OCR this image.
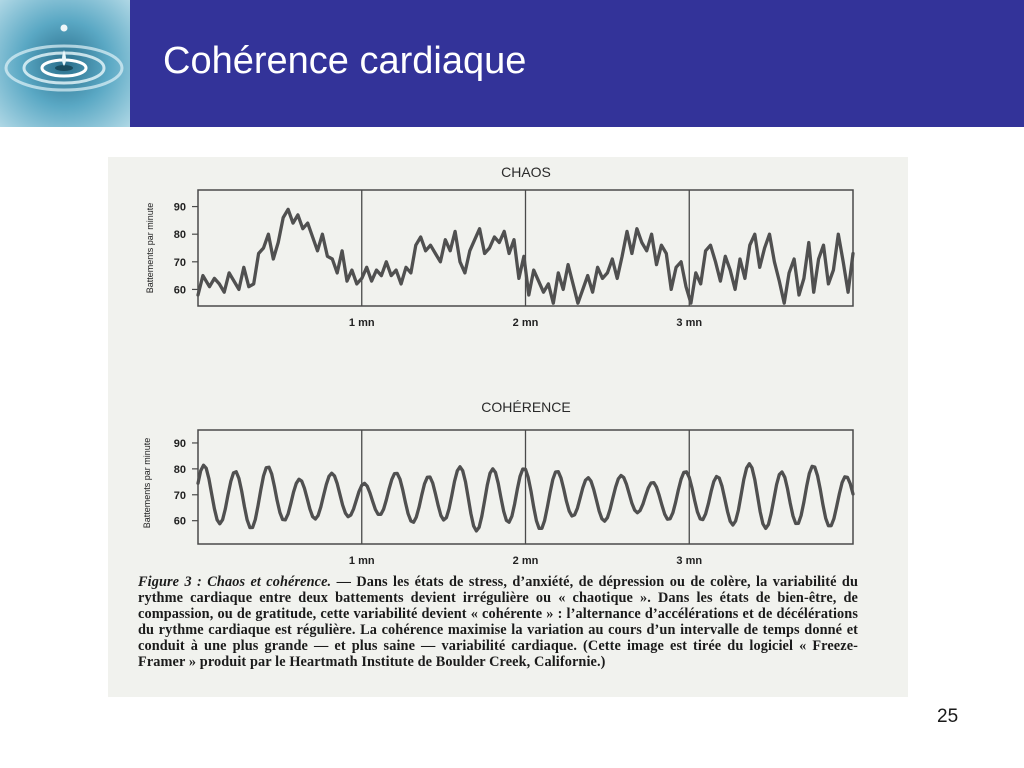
Cohérence cardiaque
CHAOS
Battements par minute 60
70
80
90
1 mn	2 mn	3 mn
COHÉRENCE
Battements par minute 60
70
80
90
1 mn	2 mn	3 mn
Figure 3 : Chaos et cohérence. — Dans les états de stress, d’anxiété, de dépression ou de colère, la variabilité du rythme cardiaque entre deux battements devient irrégulière ou « chaotique ». Dans les états de bien-être, de compassion, ou de gratitude, cette variabilité devient « cohérente » : l’alternance d’accélérations et de décélérations du rythme cardiaque est régulière. La cohérence maximise la variation au cours d’un intervalle de temps donné et conduit à une plus grande — et plus saine — variabilité cardiaque. (Cette image est tirée du logiciel « Freeze-Framer » produit par le Heartmath Institute de Boulder Creek, Californie.)
25
